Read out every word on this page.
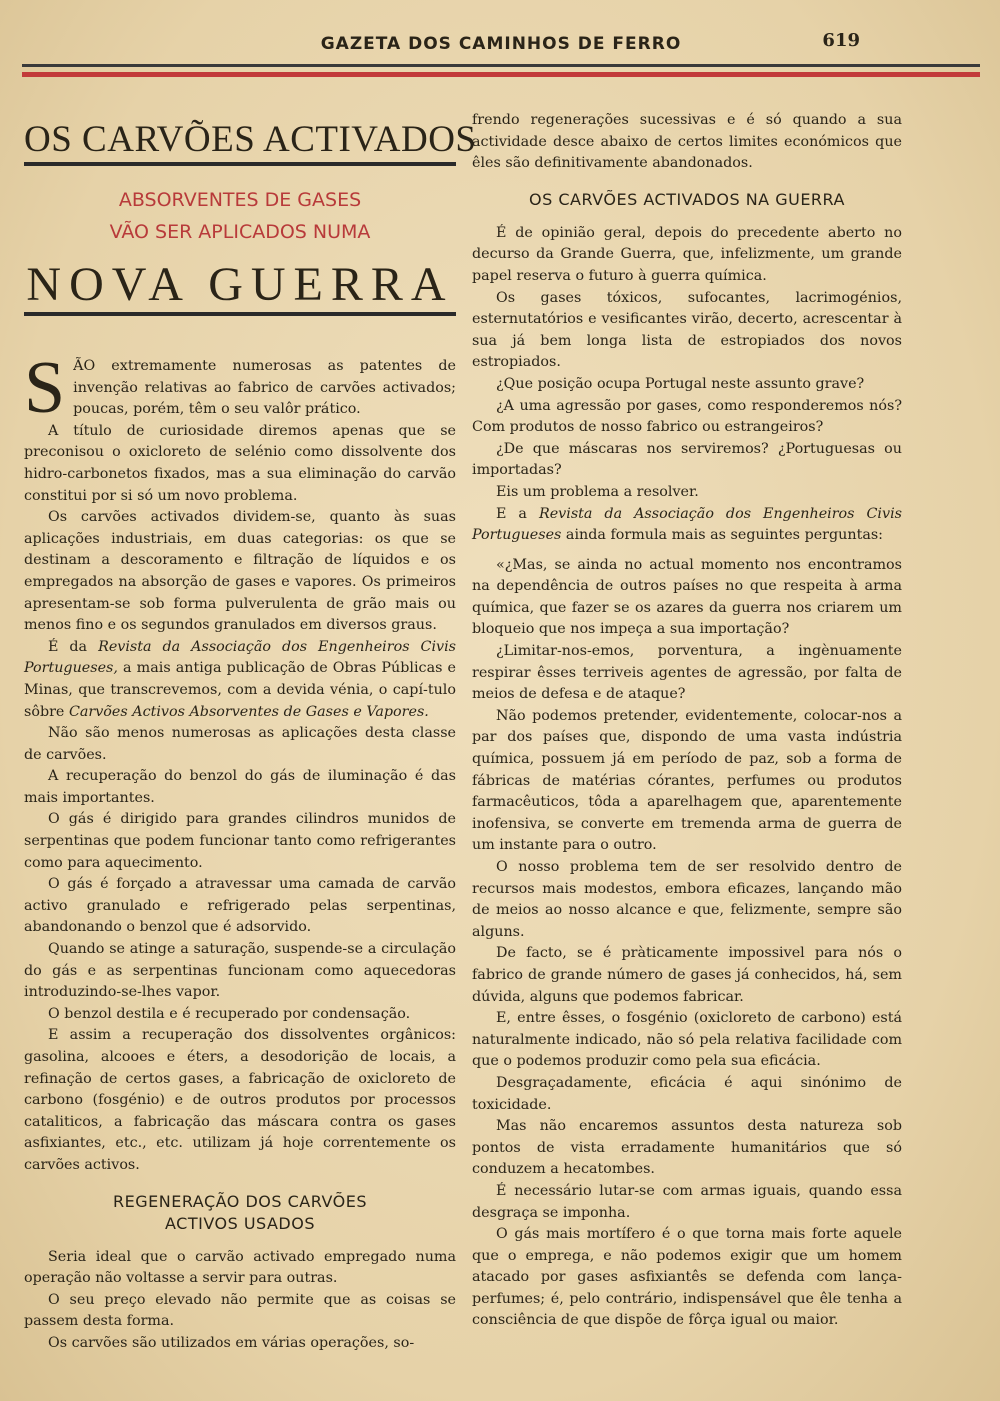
GAZETA DOS CAMINHOS DE FERRO	619
OS CARVÕES ACTIVADOS
ABSORVENTES DE GASES
VÃO SER APLICADOS NUMA
NOVA GUERRA

SÃO extremamente numerosas as patentes de invenção relativas ao fabrico de carvões activados; poucas, porém, têm o seu valôr prático.

A título de curiosidade diremos apenas que se preconisou o oxicloreto de selénio como dissolvente dos hidro-carbonetos fixados, mas a sua eliminação do carvão constitui por si só um novo problema.

Os carvões activados dividem-se, quanto às suas aplicações industriais, em duas categorias: os que se destinam a descoramento e filtração de líquidos e os empregados na absorção de gases e vapores. Os primeiros apresentam-se sob forma pulverulenta de grão mais ou menos fino e os segundos granulados em diversos graus.

É da Revista da Associação dos Engenheiros Civis Portugueses, a mais antiga publicação de Obras Públicas e Minas, que transcrevemos, com a devida vénia, o capí-tulo sôbre Carvões Activos Absorventes de Gases e Vapores.

Não são menos numerosas as aplicações desta classe de carvões.

A recuperação do benzol do gás de iluminação é das mais importantes.

O gás é dirigido para grandes cilindros munidos de serpentinas que podem funcionar tanto como refrigerantes como para aquecimento.

O gás é forçado a atravessar uma camada de carvão activo granulado e refrigerado pelas serpentinas, abandonando o benzol que é adsorvido.

Quando se atinge a saturação, suspende-se a circulação do gás e as serpentinas funcionam como aquecedoras introduzindo-se-lhes vapor.

O benzol destila e é recuperado por condensação.

E assim a recuperação dos dissolventes orgânicos: gasolina, alcooes e éters, a desodorição de locais, a refinação de certos gases, a fabricação de oxicloreto de carbono (fosgénio) e de outros produtos por processos cataliticos, a fabricação das máscara contra os gases asfixiantes, etc., etc. utilizam já hoje correntemente os carvões activos.

REGENERAÇÃO DOS CARVÕES
ACTIVOS USADOS

Seria ideal que o carvão activado empregado numa operação não voltasse a servir para outras.

O seu preço elevado não permite que as coisas se passem desta forma.

Os carvões são utilizados em várias operações, so-

frendo regenerações sucessivas e é só quando a sua actividade desce abaixo de certos limites económicos que êles são definitivamente abandonados.

OS CARVÕES ACTIVADOS NA GUERRA

É de opinião geral, depois do precedente aberto no decurso da Grande Guerra, que, infelizmente, um grande papel reserva o futuro à guerra química.

Os gases tóxicos, sufocantes, lacrimogénios, esternutatórios e vesificantes virão, decerto, acrescentar à sua já bem longa lista de estropiados dos novos estropiados.

¿Que posição ocupa Portugal neste assunto grave?

¿A uma agressão por gases, como responderemos nós? Com produtos de nosso fabrico ou estrangeiros?

¿De que máscaras nos serviremos? ¿Portuguesas ou importadas?

Eis um problema a resolver.

E a Revista da Associação dos Engenheiros Civis Portugueses ainda formula mais as seguintes perguntas:

«¿Mas, se ainda no actual momento nos encontramos na dependência de outros países no que respeita à arma química, que fazer se os azares da guerra nos criarem um bloqueio que nos impeça a sua importação?

¿Limitar-nos-emos, porventura, a ingènuamente respirar êsses terriveis agentes de agressão, por falta de meios de defesa e de ataque?

Não podemos pretender, evidentemente, colocar-nos a par dos países que, dispondo de uma vasta indústria química, possuem já em período de paz, sob a forma de fábricas de matérias córantes, perfumes ou produtos farmacêuticos, tôda a aparelhagem que, aparentemente inofensiva, se converte em tremenda arma de guerra de um instante para o outro.

O nosso problema tem de ser resolvido dentro de recursos mais modestos, embora eficazes, lançando mão de meios ao nosso alcance e que, felizmente, sempre são alguns.

De facto, se é pràticamente impossivel para nós o fabrico de grande número de gases já conhecidos, há, sem dúvida, alguns que podemos fabricar.

E, entre êsses, o fosgénio (oxicloreto de carbono) está naturalmente indicado, não só pela relativa facilidade com que o podemos produzir como pela sua eficácia.

Desgraçadamente, eficácia é aqui sinónimo de toxicidade.

Mas não encaremos assuntos desta natureza sob pontos de vista erradamente humanitários que só conduzem a hecatombes.

É necessário lutar-se com armas iguais, quando essa desgraça se imponha.

O gás mais mortífero é o que torna mais forte aquele que o emprega, e não podemos exigir que um homem atacado por gases asfixiantês se defenda com lança-perfumes; é, pelo contrário, indispensável que êle tenha a consciência de que dispõe de fôrça igual ou maior.
